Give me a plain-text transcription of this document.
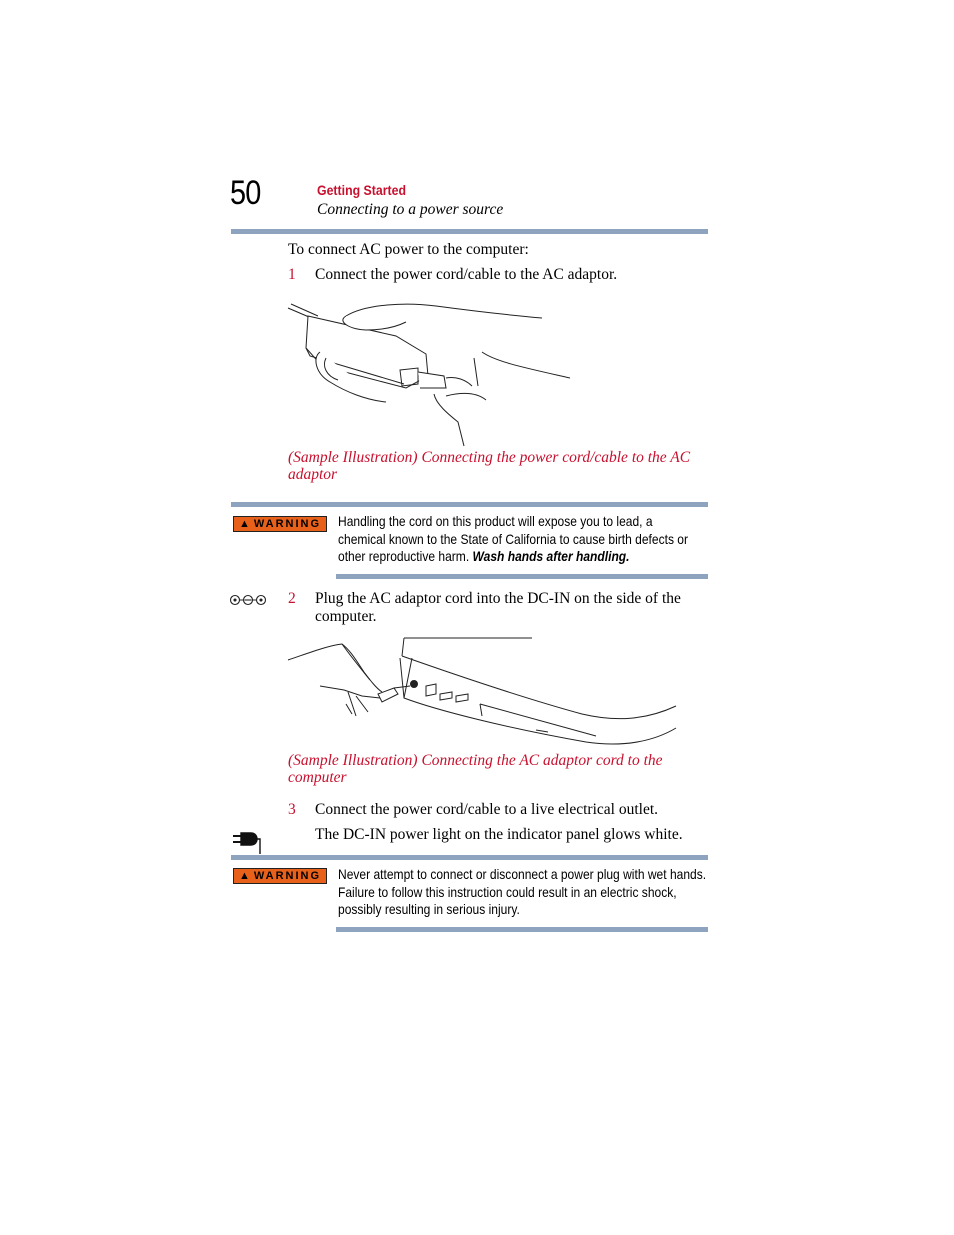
50	Getting Started
Connecting to a power source
To connect AC power to the computer:
1 Connect the power cord/cable to the AC adaptor.
(Sample Illustration) Connecting the power cord/cable to the AC
adaptor
▲ WARNING Handling the cord on this product will expose you to lead, a
chemical known to the State of California to cause birth defects or
other reproductive harm. Wash hands after handling.
2 Plug the AC adaptor cord into the DC-IN on the side of the
computer.
(Sample Illustration) Connecting the AC adaptor cord to the
computer
3 Connect the power cord/cable to a live electrical outlet.
The DC-IN power light on the indicator panel glows white.
▲ WARNING Never attempt to connect or disconnect a power plug with wet hands.
Failure to follow this instruction could result in an electric shock,
possibly resulting in serious injury.
